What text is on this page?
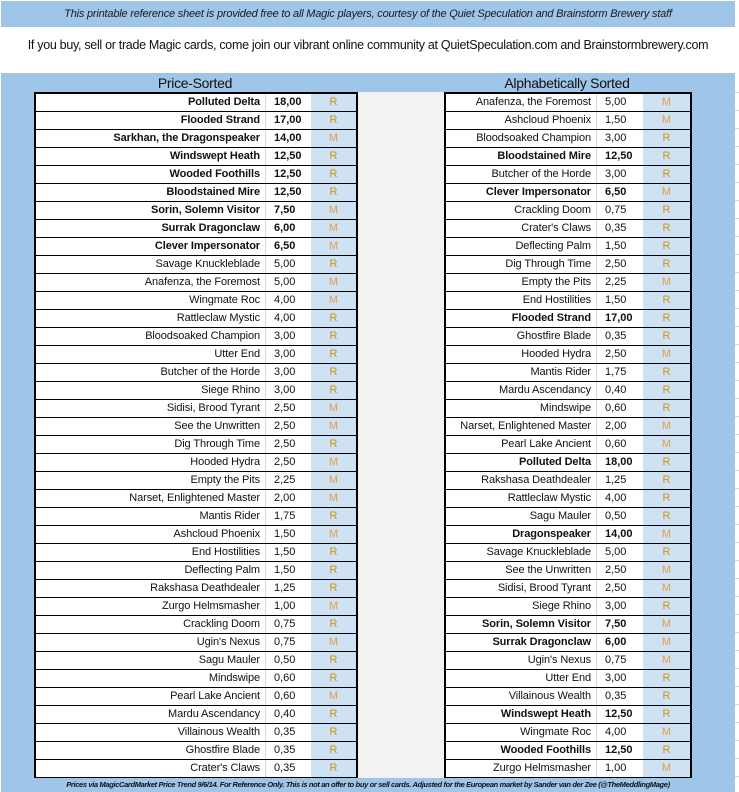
This printable reference sheet is provided free to all Magic players, courtesy of the Quiet Speculation and Brainstorm Brewery staff
If you buy, sell or trade Magic cards, come join our vibrant online community at QuietSpeculation.com and Brainstormbrewery.com
Price-Sorted	Alphabetically Sorted
Polluted Delta	18,00	R
Flooded Strand	17,00	R
Sarkhan, the Dragonspeaker	14,00	M
Windswept Heath	12,50	R
Wooded Foothills	12,50	R
Bloodstained Mire	12,50	R
Sorin, Solemn Visitor	7,50	M
Surrak Dragonclaw	6,00	M
Clever Impersonator	6,50	M
Savage Knuckleblade	5,00	R
Anafenza, the Foremost	5,00	M
Wingmate Roc	4,00	M
Rattleclaw Mystic	4,00	R
Bloodsoaked Champion	3,00	R
Utter End	3,00	R
Butcher of the Horde	3,00	R
Siege Rhino	3,00	R
Sidisi, Brood Tyrant	2,50	M
See the Unwritten	2,50	M
Dig Through Time	2,50	R
Hooded Hydra	2,50	M
Empty the Pits	2,25	M
Narset, Enlightened Master	2,00	M
Mantis Rider	1,75	R
Ashcloud Phoenix	1,50	M
End Hostilities	1,50	R
Deflecting Palm	1,50	R
Rakshasa Deathdealer	1,25	R
Zurgo Helmsmasher	1,00	M
Crackling Doom	0,75	R
Ugin's Nexus	0,75	M
Sagu Mauler	0,50	R
Mindswipe	0,60	R
Pearl Lake Ancient	0,60	M
Mardu Ascendancy	0,40	R
Villainous Wealth	0,35	R
Ghostfire Blade	0,35	R
Crater's Claws	0,35	R
Anafenza, the Foremost	5,00	M
Ashcloud Phoenix	1,50	M
Bloodsoaked Champion	3,00	R
Bloodstained Mire	12,50	R
Butcher of the Horde	3,00	R
Clever Impersonator	6,50	M
Crackling Doom	0,75	R
Crater's Claws	0,35	R
Deflecting Palm	1,50	R
Dig Through Time	2,50	R
Empty the Pits	2,25	M
End Hostilities	1,50	R
Flooded Strand	17,00	R
Ghostfire Blade	0,35	R
Hooded Hydra	2,50	M
Mantis Rider	1,75	R
Mardu Ascendancy	0,40	R
Mindswipe	0,60	R
Narset, Enlightened Master	2,00	M
Pearl Lake Ancient	0,60	M
Polluted Delta	18,00	R
Rakshasa Deathdealer	1,25	R
Rattleclaw Mystic	4,00	R
Sagu Mauler	0,50	R
Dragonspeaker	14,00	M
Savage Knuckleblade	5,00	R
See the Unwritten	2,50	M
Sidisi, Brood Tyrant	2,50	M
Siege Rhino	3,00	R
Sorin, Solemn Visitor	7,50	M
Surrak Dragonclaw	6,00	M
Ugin's Nexus	0,75	M
Utter End	3,00	R
Villainous Wealth	0,35	R
Windswept Heath	12,50	R
Wingmate Roc	4,00	M
Wooded Foothills	12,50	R
Zurgo Helmsmasher	1,00	M
Prices via MagicCardMarket Price Trend 9/6/14. For Reference Only. This is not an offer to buy or sell cards. Adjusted for the European market by Sander van der Zee (@TheMeddlingMage)
